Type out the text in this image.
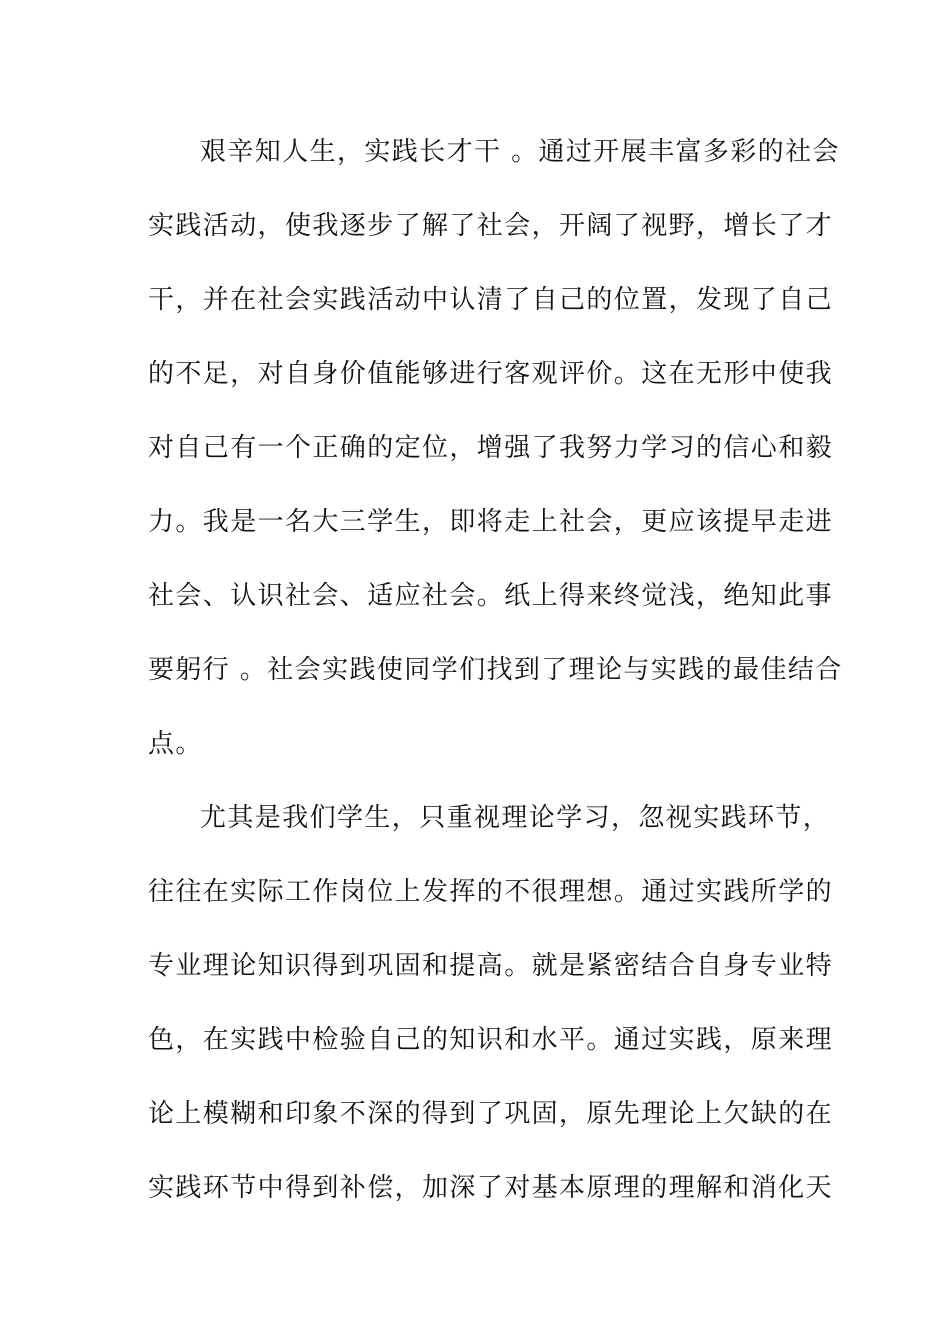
艰辛知人生，实践长才干 。通过开展丰富多彩的社会
实践活动，使我逐步了解了社会，开阔了视野，增长了才
干，并在社会实践活动中认清了自己的位置，发现了自己
的不足，对自身价值能够进行客观评价。这在无形中使我
对自己有一个正确的定位，增强了我努力学习的信心和毅
力。我是一名大三学生，即将走上社会，更应该提早走进
社会、认识社会、适应社会。纸上得来终觉浅，绝知此事
要躬行 。社会实践使同学们找到了理论与实践的最佳结合
点。
尤其是我们学生，只重视理论学习，忽视实践环节，
往往在实际工作岗位上发挥的不很理想。通过实践所学的
专业理论知识得到巩固和提高。就是紧密结合自身专业特
色，在实践中检验自己的知识和水平。通过实践，原来理
论上模糊和印象不深的得到了巩固，原先理论上欠缺的在
实践环节中得到补偿，加深了对基本原理的理解和消化天
